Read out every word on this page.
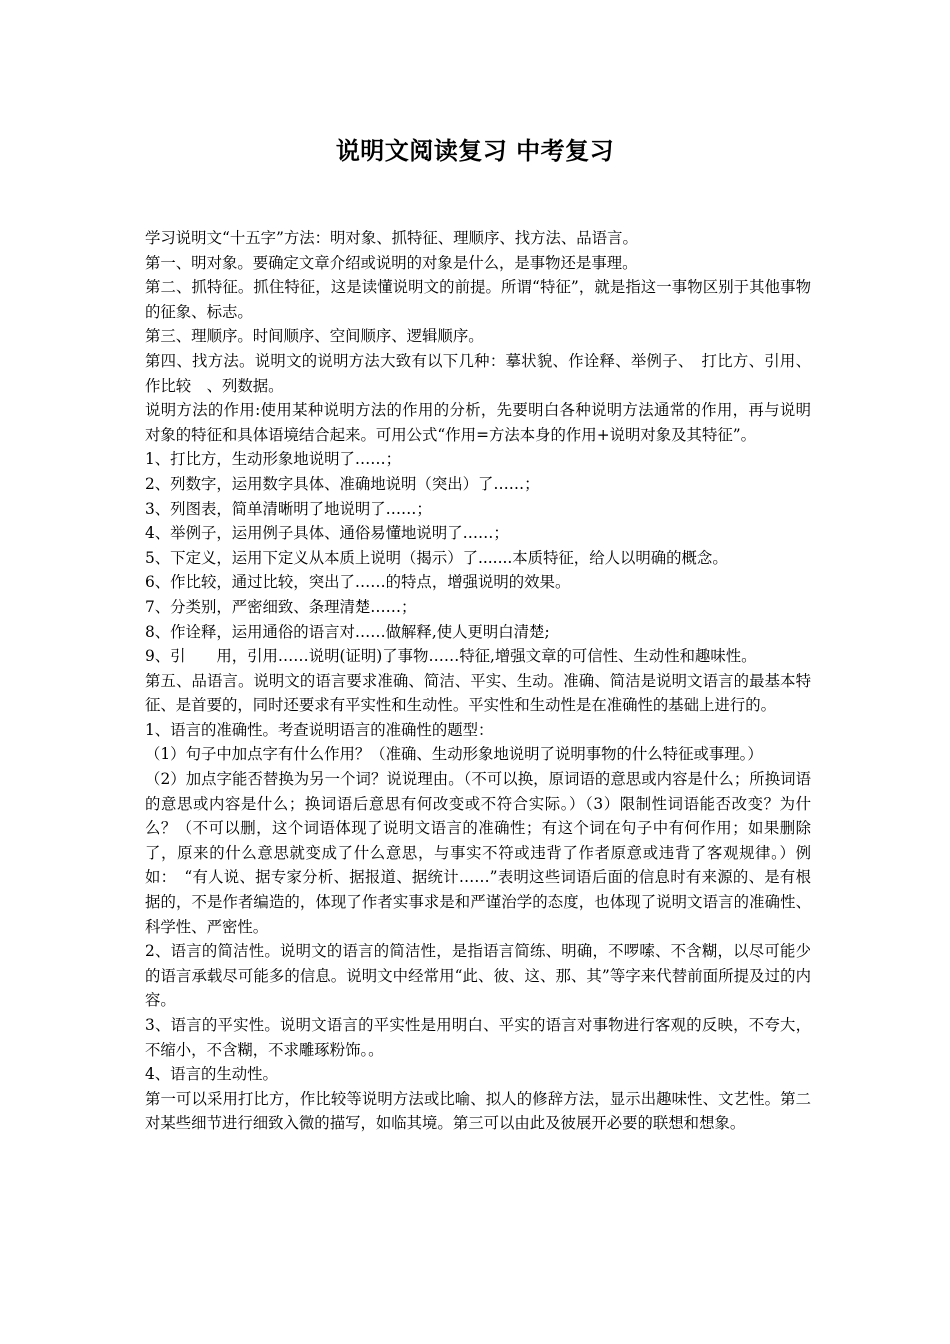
说明文阅读复习 中考复习

学习说明文“十五字”方法：明对象、抓特征、理顺序、找方法、品语言。

第一、明对象。要确定文章介绍或说明的对象是什么，是事物还是事理。

第二、抓特征。抓住特征，这是读懂说明文的前提。所谓“特征”，就是指这一事物区别于其他事物的征象、标志。

第三、理顺序。时间顺序、空间顺序、逻辑顺序。

第四、找方法。说明文的说明方法大致有以下几种：摹状貌、作诠释、举例子、　打比方、引用、作比较　、列数据。

说明方法的作用:使用某种说明方法的作用的分析，先要明白各种说明方法通常的作用，再与说明对象的特征和具体语境结合起来。可用公式“作用=方法本身的作用+说明对象及其特征”。

1、打比方，生动形象地说明了……；

2、列数字，运用数字具体、准确地说明（突出）了……；

3、列图表，简单清晰明了地说明了……；

4、举例子，运用例子具体、通俗易懂地说明了……；

5、下定义，运用下定义从本质上说明（揭示）了.......本质特征，给人以明确的概念。

6、作比较，通过比较，突出了……的特点，增强说明的效果。

7、分类别，严密细致、条理清楚……；

8、作诠释，运用通俗的语言对……做解释,使人更明白清楚;

9、引　　用，引用……说明(证明)了事物……特征,增强文章的可信性、生动性和趣味性。

第五、品语言。说明文的语言要求准确、简洁、平实、生动。准确、简洁是说明文语言的最基本特征、是首要的，同时还要求有平实性和生动性。平实性和生动性是在准确性的基础上进行的。

1、语言的准确性。考查说明语言的准确性的题型：

（1）句子中加点字有什么作用？（准确、生动形象地说明了说明事物的什么特征或事理。）

（2）加点字能否替换为另一个词？说说理由。（不可以换，原词语的意思或内容是什么；所换词语的意思或内容是什么；换词语后意思有何改变或不符合实际。）（3）限制性词语能否改变？为什么？（不可以删，这个词语体现了说明文语言的准确性；有这个词在句子中有何作用；如果删除了，原来的什么意思就变成了什么意思，与事实不符或违背了作者原意或违背了客观规律。）例如：　“有人说、据专家分析、据报道、据统计……”表明这些词语后面的信息时有来源的、是有根据的，不是作者编造的，体现了作者实事求是和严谨治学的态度，也体现了说明文语言的准确性、科学性、严密性。

2、语言的简洁性。说明文的语言的简洁性，是指语言简练、明确，不啰嗦、不含糊，以尽可能少的语言承载尽可能多的信息。说明文中经常用“此、彼、这、那、其”等字来代替前面所提及过的内容。

3、语言的平实性。说明文语言的平实性是用明白、平实的语言对事物进行客观的反映，不夸大，不缩小，不含糊，不求雕琢粉饰。。

4、语言的生动性。

第一可以采用打比方，作比较等说明方法或比喻、拟人的修辞方法，显示出趣味性、文艺性。第二对某些细节进行细致入微的描写，如临其境。第三可以由此及彼展开必要的联想和想象。
